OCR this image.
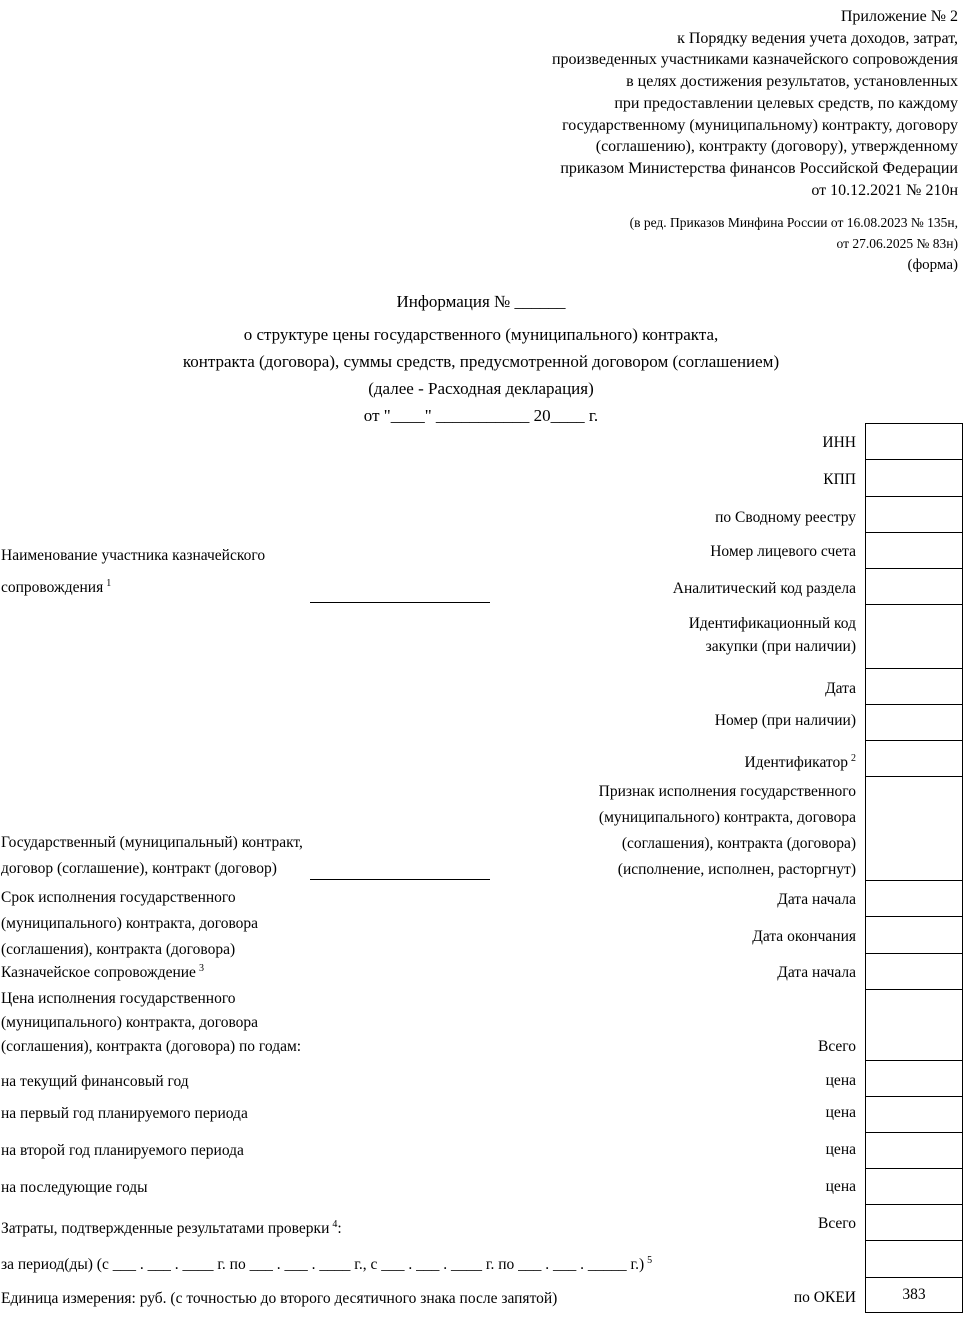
Приложение № 2
к Порядку ведения учета доходов, затрат,
произведенных участниками казначейского сопровождения
в целях достижения результатов, установленных
при предоставлении целевых средств, по каждому
государственному (муниципальному) контракту, договору
(соглашению), контракту (договору), утвержденному
приказом Министерства финансов Российской Федерации
от 10.12.2021 № 210н
(в ред. Приказов Минфина России от 16.08.2023 № 135н,
от 27.06.2025 № 83н)
(форма)
Информация № ______
о структуре цены государственного (муниципального) контракта,
контракта (договора), суммы средств, предусмотренной договором (соглашением)
(далее - Расходная декларация)
от "____" ___________ 20____ г.
Наименование участника казначейского
сопровождения $^1$
Государственный (муниципальный) контракт,
договор (соглашение), контракт (договор)
Срок исполнения государственного
(муниципального) контракта, договора
(соглашения), контракта (договора)
Казначейское сопровождение $^3$
Цена исполнения государственного
(муниципального) контракта, договора
(соглашения), контракта (договора) по годам:
на текущий финансовый год
на первый год планируемого периода
на второй год планируемого периода
на последующие годы
Затраты, подтвержденные результатами проверки $^4$:
за период(ды) (с ___ . ___ . ____ г. по ___ . ___ . ____ г., с ___ . ___ . ____ г. по ___ . ___ . _____ г.) $^5$
Единица измерения: руб. (с точностью до второго десятичного знака после запятой)
ИНН
КПП
по Сводному реестру
Номер лицевого счета
Аналитический код раздела
Идентификационный код
закупки (при наличии)
Дата
Номер (при наличии)
Идентификатор $^2$
Признак исполнения государственного
(муниципального) контракта, договора
(соглашения), контракта (договора)
(исполнение, исполнен, расторгнут)
Дата начала
Дата окончания
Дата начала
Всего
цена
цена
цена
цена
Всего
по ОКЕИ	383
